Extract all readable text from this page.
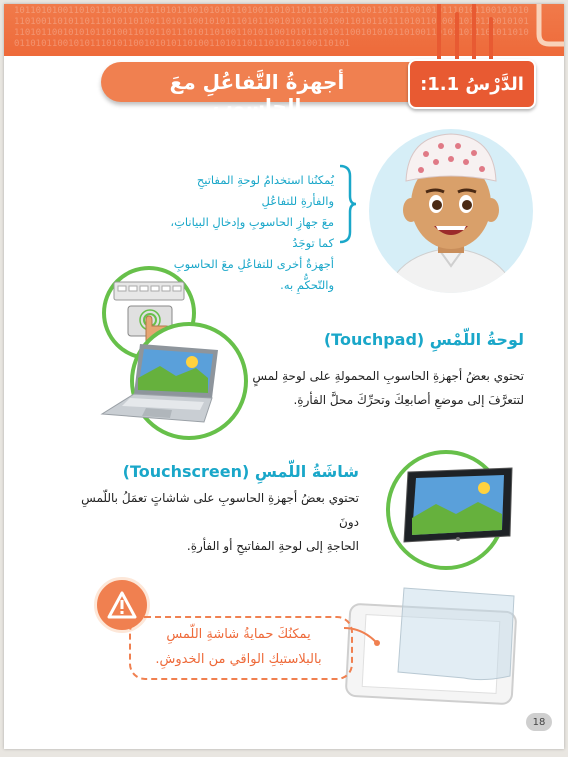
10110101001101011100101011101011001010101101001101011011101011010011010110010101110101100101010110100110101101110101101001101011001010111010110010101011010011010110111010110100110101100101011101011001010101101001101011011101011010011010110010101110101100101010110100110101101110101101001101011001010111010110010101011010011010110111010110100110101
أجهزةُ التَّفاعُلِ معَ الحاسوبِ
الدَّرْسُ 1.1:
يُمكنُنا استخدامُ لوحةِ المفاتيحِ والفأرةِ للتفاعُلِ
معَ جهازِ الحاسوبِ وإدخالِ البياناتِ، كما توجَدُ
أجهزةٌ أخرى للتفاعُلِ معَ الحاسوبِ والتّحكُّمِ به.
لوحةُ اللّمْسِ (Touchpad)
تحتوي بعضُ أجهزةِ الحاسوبِ المحمولةِ على لوحةِ لمسٍ
لتتعرَّفَ إلى موضعِ أصابعِكَ وتحرِّكَ محلَّ الفأرةِ.
شاشَةُ اللّمسِ (Touchscreen)
تحتوي بعضُ أجهزةِ الحاسوبِ على شاشاتٍ تعمَلُ باللّمسِ دونَ
الحاجةِ إلى لوحةِ المفاتيحِ أو الفأرةِ.
يمكنُكَ حمايةُ شاشةِ اللّمسِ
بالبلاستيكِ الواقي من الخدوشِ.
18
